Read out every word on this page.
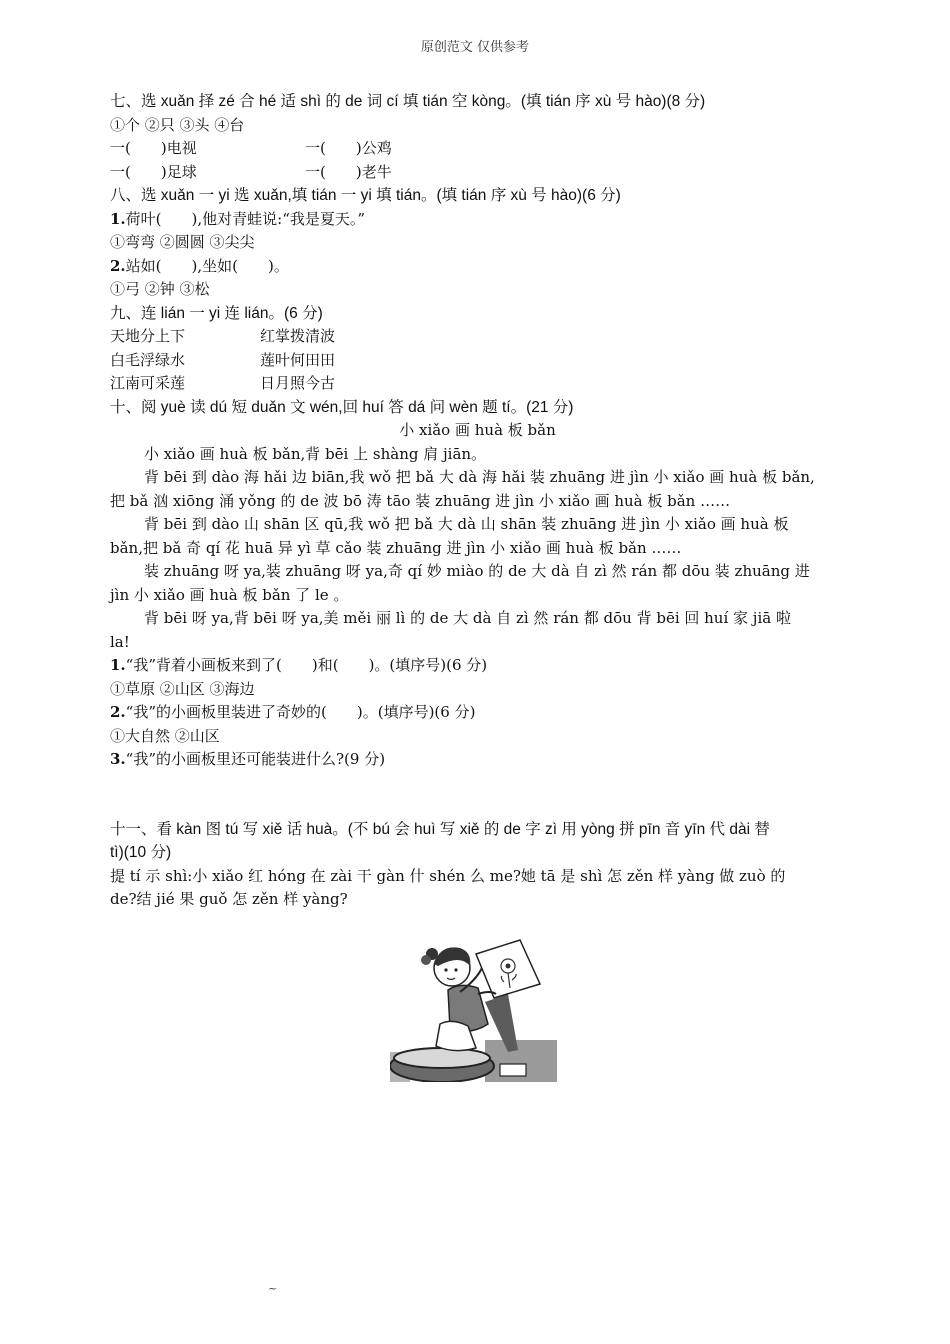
原创范文 仅供参考
七、选 xuǎn 择 zé 合 hé 适 shì 的 de 词 cí 填 tián 空 kòng。(填 tián 序 xù 号 hào)(8 分)
①个 ②只 ③头 ④台
一(　　)电视	一(　　)公鸡
一(　　)足球	一(　　)老牛
八、选 xuǎn 一 yi 选 xuǎn,填 tián 一 yi 填 tián。(填 tián 序 xù 号 hào)(6 分)
1.荷叶(　　),他对青蛙说:“我是夏天。”
①弯弯 ②圆圆 ③尖尖
2.站如(　　),坐如(　　)。
①弓 ②钟 ③松
九、连 lián 一 yi 连 lián。(6 分)
天地分上下	红掌拨清波
白毛浮绿水	莲叶何田田
江南可采莲	日月照今古
十、阅 yuè 读 dú 短 duǎn 文 wén,回 huí 答 dá 问 wèn 题 tí。(21 分)
小 xiǎo 画 huà 板 bǎn
小 xiǎo 画 huà 板 bǎn,背 bēi 上 shàng 肩 jiān。
背 bēi 到 dào 海 hǎi 边 biān,我 wǒ 把 bǎ 大 dà 海 hǎi 装 zhuāng 进 jìn 小 xiǎo 画 huà 板 bǎn,
把 bǎ 汹 xiōng 涌 yǒng 的 de 波 bō 涛 tāo 装 zhuāng 进 jìn 小 xiǎo 画 huà 板 bǎn ……
背 bēi 到 dào 山 shān 区 qū,我 wǒ 把 bǎ 大 dà 山 shān 装 zhuāng 进 jìn 小 xiǎo 画 huà 板
bǎn,把 bǎ 奇 qí 花 huā 异 yì 草 cǎo 装 zhuāng 进 jìn 小 xiǎo 画 huà 板 bǎn ……
装 zhuāng 呀 ya,装 zhuāng 呀 ya,奇 qí 妙 miào 的 de 大 dà 自 zì 然 rán 都 dōu 装 zhuāng 进
jìn 小 xiǎo 画 huà 板 bǎn 了 le 。
背 bēi 呀 ya,背 bēi 呀 ya,美 měi 丽 lì 的 de 大 dà 自 zì 然 rán 都 dōu 背 bēi 回 huí 家 jiā 啦
la!
1.“我”背着小画板来到了(　　)和(　　)。(填序号)(6 分)
①草原 ②山区 ③海边
2.“我”的小画板里装进了奇妙的(　　)。(填序号)(6 分)
①大自然 ②山区
3.“我”的小画板里还可能装进什么?(9 分)
十一、看 kàn 图 tú 写 xiě 话 huà。(不 bú 会 huì 写 xiě 的 de 字 zì 用 yòng 拼 pīn 音 yīn 代 dài 替
tì)(10 分)
提 tí 示 shì:小 xiǎo 红 hóng 在 zài 干 gàn 什 shén 么 me?她 tā 是 shì 怎 zěn 样 yàng 做 zuò 的
de?结 jié 果 guǒ 怎 zěn 样 yàng?
~
